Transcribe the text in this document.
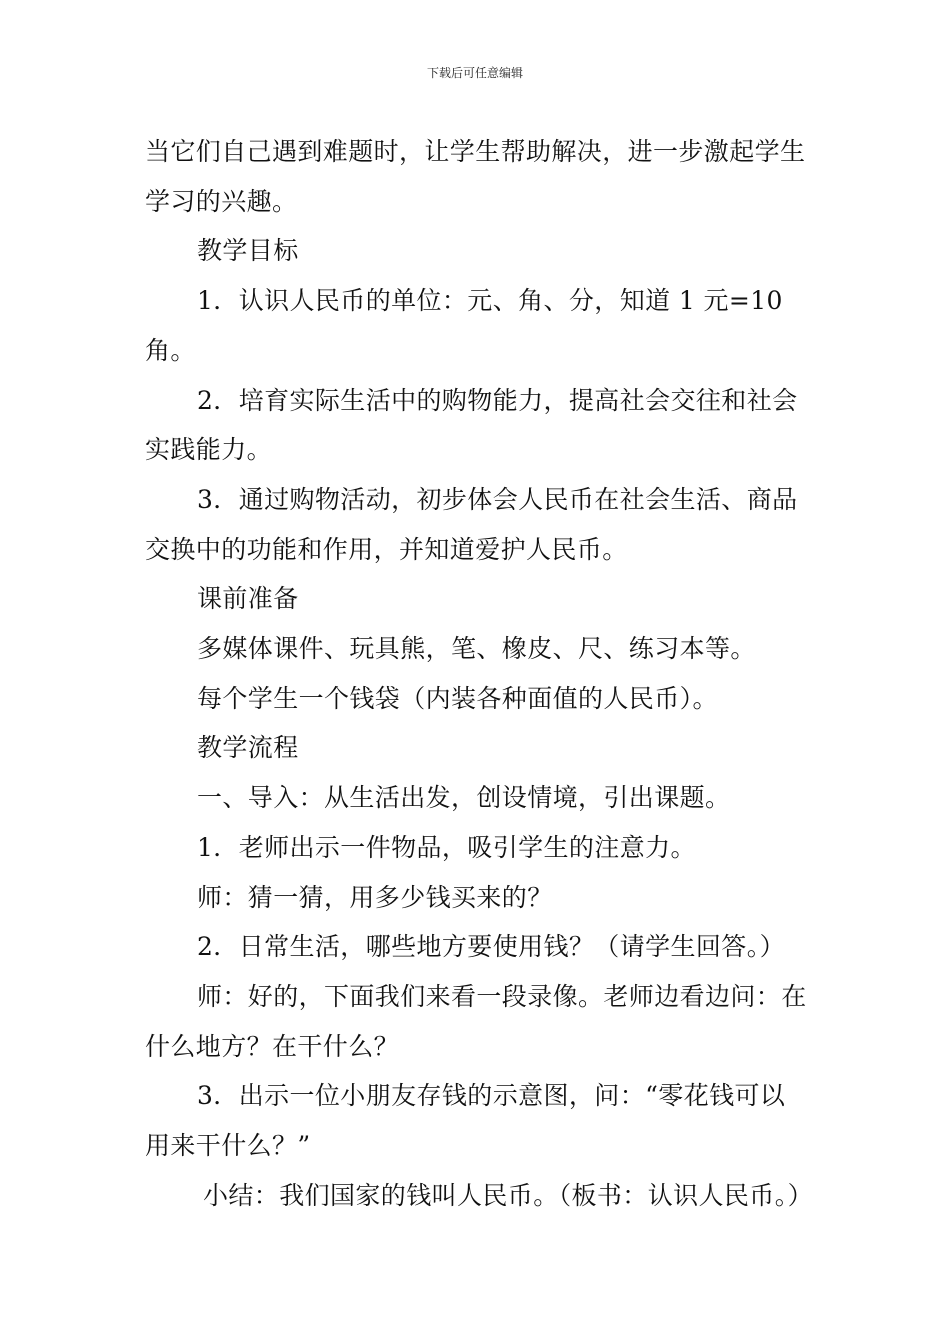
下载后可任意编辑

当它们自己遇到难题时，让学生帮助解决，进一步激起学生学习的兴趣。

教学目标

1．认识人民币的单位：元、角、分，知道 1 元=10 角。

2．培育实际生活中的购物能力，提高社会交往和社会实践能力。

3．通过购物活动，初步体会人民币在社会生活、商品交换中的功能和作用，并知道爱护人民币。

课前准备

多媒体课件、玩具熊，笔、橡皮、尺、练习本等。

每个学生一个钱袋（内装各种面值的人民币）。

教学流程

一、导入：从生活出发，创设情境，引出课题。

1．老师出示一件物品，吸引学生的注意力。

师：猜一猜，用多少钱买来的？

2．日常生活，哪些地方要使用钱？（请学生回答。）

师：好的，下面我们来看一段录像。老师边看边问：在什么地方？在干什么？

3．出示一位小朋友存钱的示意图，问：“零花钱可以用来干什么？”

小结：我们国家的钱叫人民币。（板书：认识人民币。）
